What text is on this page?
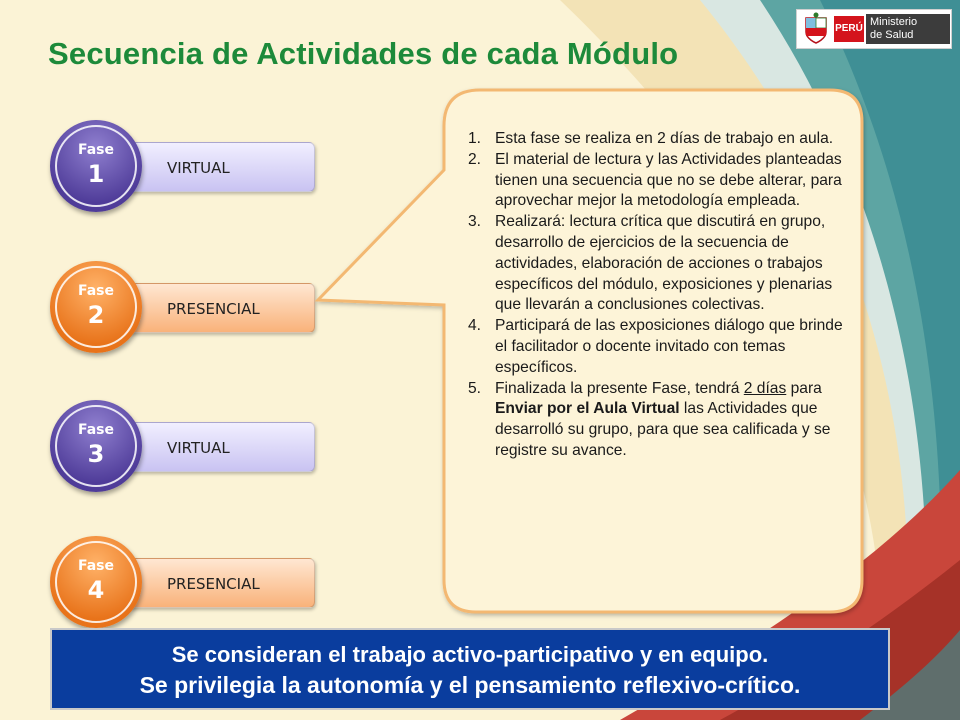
Secuencia de Actividades de cada Módulo
PERÚ
Ministerio
de Salud
VIRTUAL
Fase
1
PRESENCIAL
Fase
2
VIRTUAL
Fase
3
PRESENCIAL
Fase
4
1. Esta fase se realiza en 2 días de trabajo en aula.
2. El material de lectura y las Actividades planteadas tienen una secuencia que no se debe alterar, para aprovechar mejor la metodología empleada.
3. Realizará: lectura crítica que discutirá en grupo, desarrollo de ejercicios de la secuencia de actividades, elaboración de acciones o trabajos específicos del módulo, exposiciones y plenarias que llevarán a conclusiones colectivas.
4. Participará de las exposiciones diálogo que brinde el facilitador o docente invitado con temas específicos.
5. Finalizada la presente Fase, tendrá 2 días para Enviar por el Aula Virtual las Actividades que desarrolló su grupo, para que sea calificada y se registre su avance.
Se consideran el trabajo activo-participativo y en equipo.
Se privilegia la autonomía y el pensamiento reflexivo-crítico.
